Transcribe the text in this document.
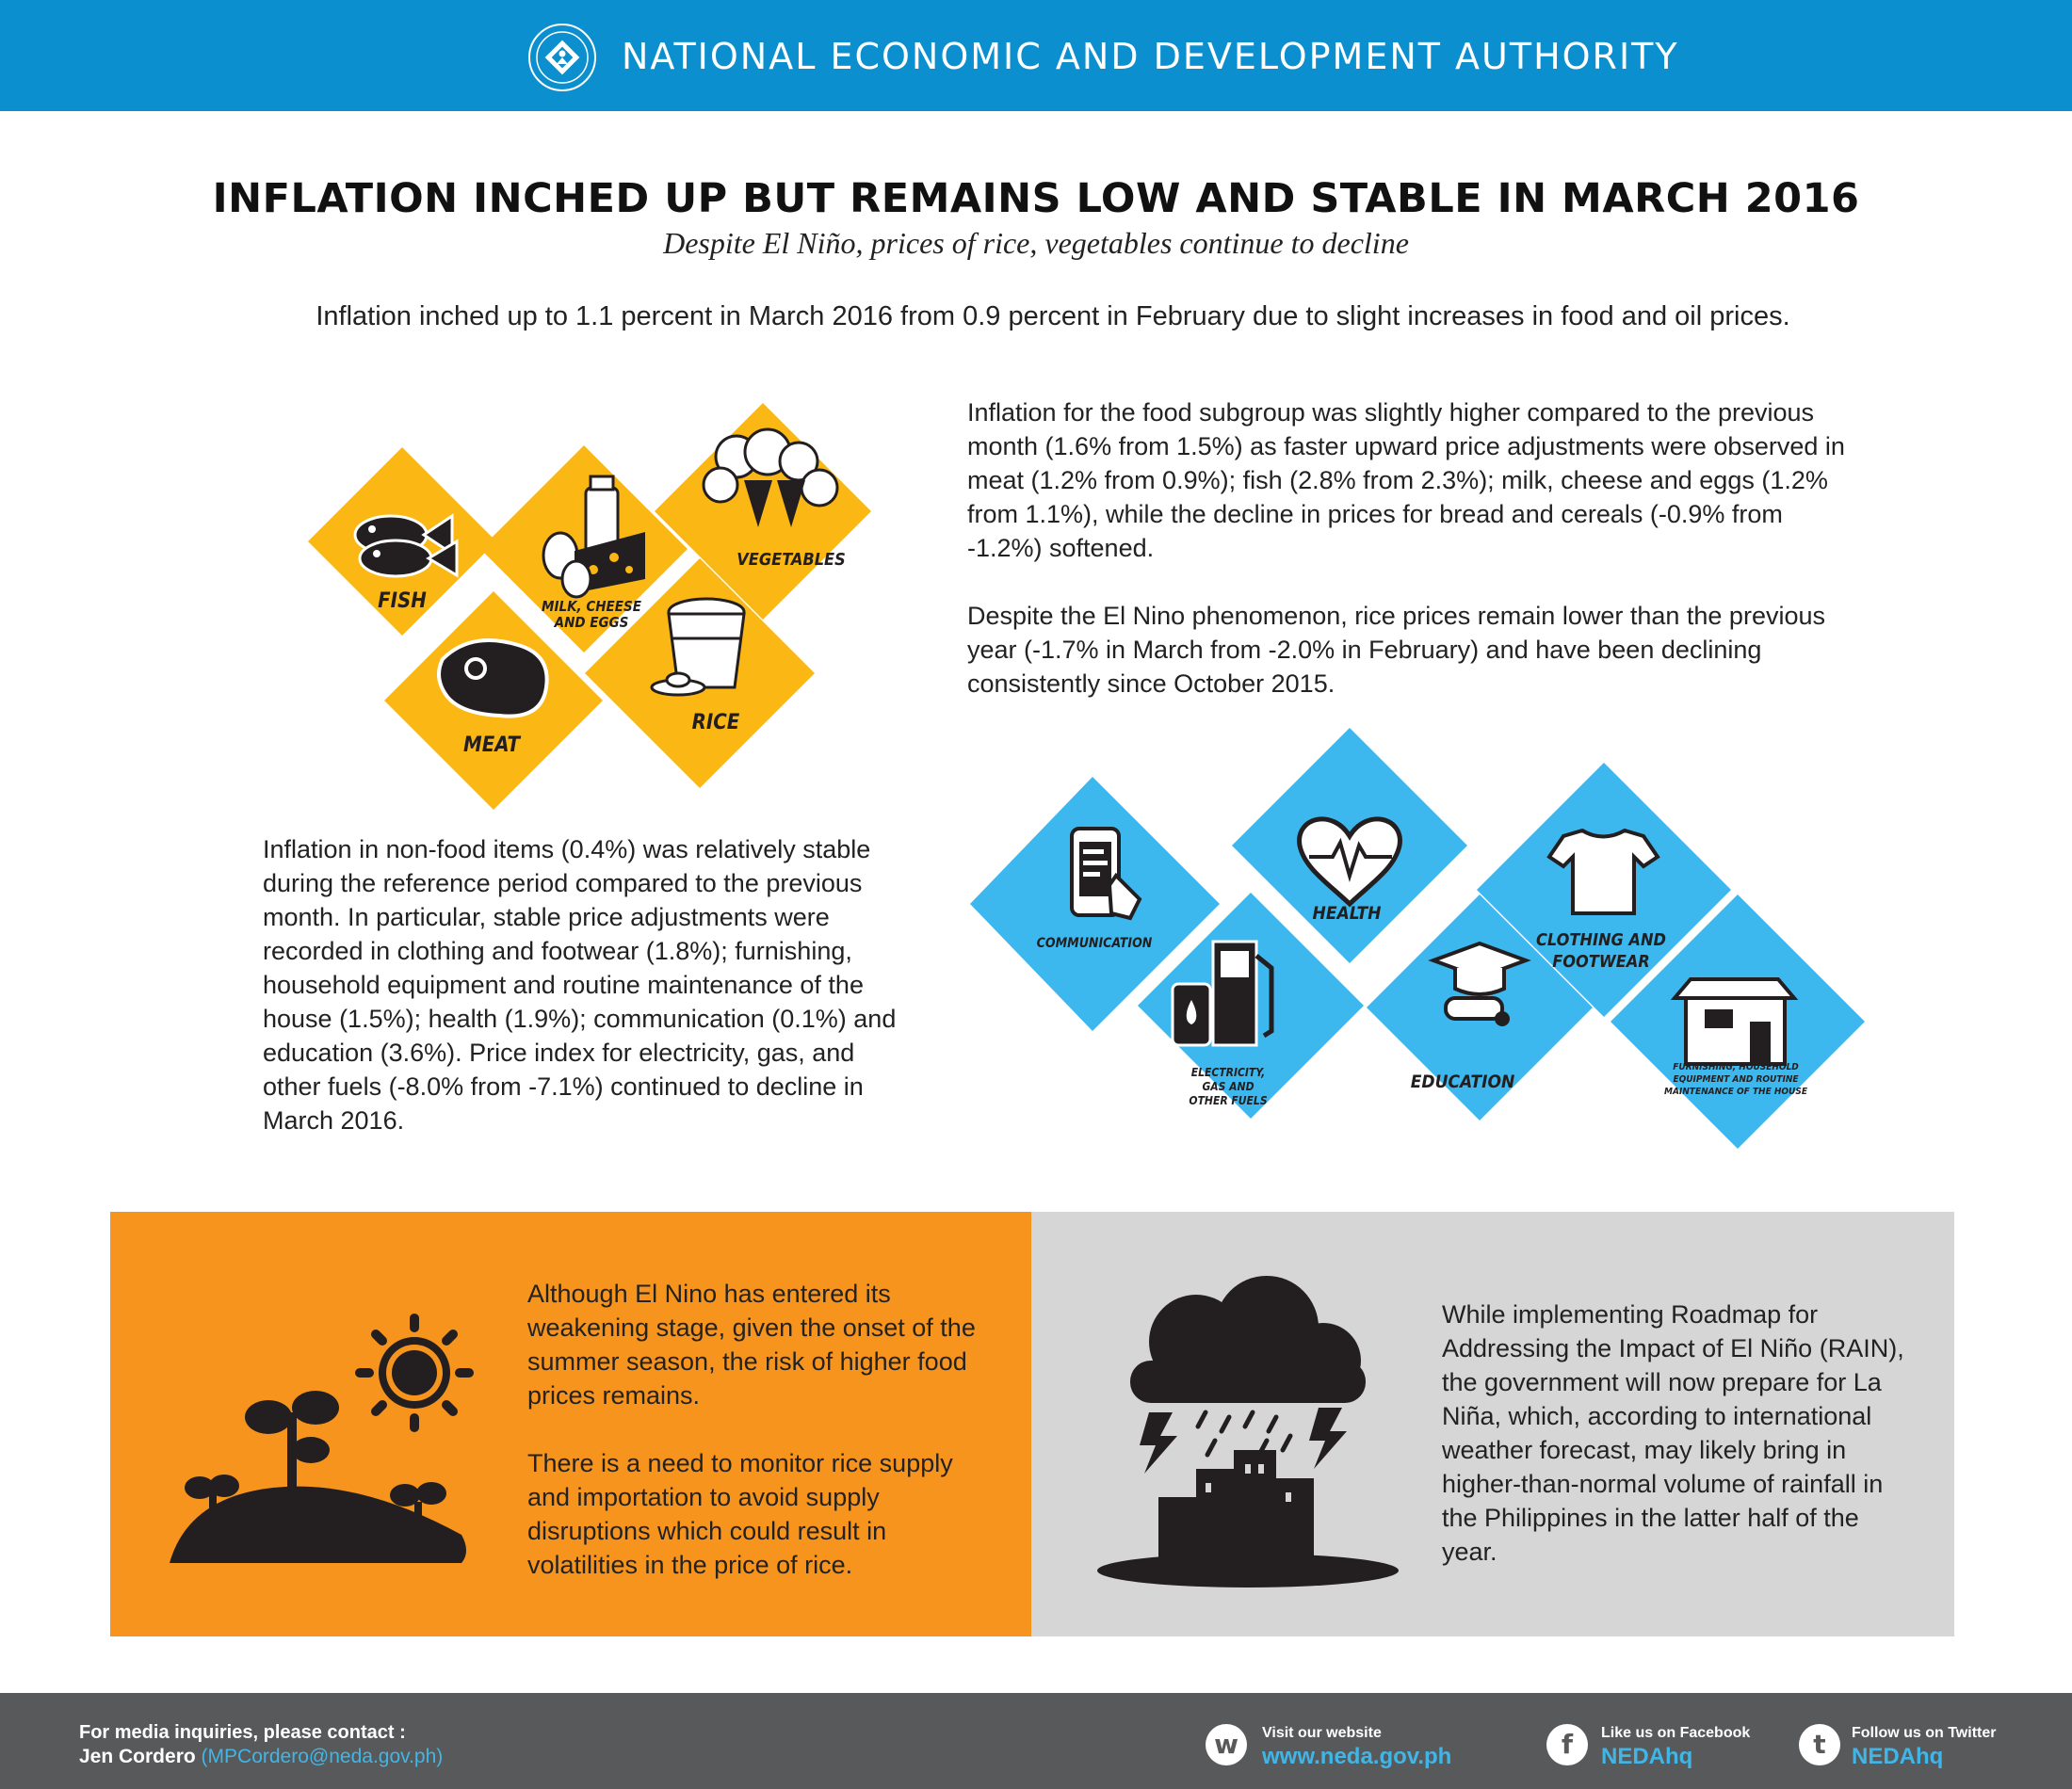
NATIONAL ECONOMIC AND DEVELOPMENT AUTHORITY
INFLATION INCHED UP BUT REMAINS LOW AND STABLE IN MARCH 2016
Despite El Niño, prices of rice, vegetables continue to decline
Inflation inched up to 1.1 percent in March 2016 from 0.9 percent in February due to slight increases in food and oil prices.
FISH	MILK, CHEESE
AND EGGS
VEGETABLES
MEAT
RICE
Inflation for the food subgroup was slightly higher compared to the previous month (1.6% from 1.5%) as faster upward price adjustments were observed in meat (1.2% from 0.9%); fish (2.8% from 2.3%); milk, cheese and eggs (1.2% from 1.1%), while the decline in prices for bread and cereals (-0.9% from -1.2%) softened.
Despite the El Nino phenomenon, rice prices remain lower than the previous year (-1.7% in March from -2.0% in February) and have been declining consistently since October 2015.
Inflation in non-food items (0.4%) was relatively stable during the reference period compared to the previous month. In particular, stable price adjustments were recorded in clothing and footwear (1.8%); furnishing, household equipment and routine maintenance of the house (1.5%); health (1.9%); communication (0.1%) and education (3.6%). Price index for electricity, gas, and other fuels (-8.0% from -7.1%) continued to decline in March 2016.
COMMUNICATION
HEALTH
CLOTHING AND
FOOTWEAR
ELECTRICITY,
GAS AND
OTHER FUELS
EDUCATION
FURNISHING, HOUSEHOLD
EQUIPMENT AND ROUTINE
MAINTENANCE OF THE HOUSE
Although El Nino has entered its weakening stage, given the onset of the summer season, the risk of higher food prices remains.
There is a need to monitor rice supply and importation to avoid supply disruptions which could result in volatilities in the price of rice.
While implementing Roadmap for Addressing the Impact of El Niño (RAIN), the government will now prepare for La Niña, which, according to international weather forecast, may likely bring in higher-than-normal volume of rainfall in the Philippines in the latter half of the year.
For media inquiries, please contact :
Jen Cordero (MPCordero@neda.gov.ph)	w	Visit our website
www.neda.gov.ph	f	Like us on Facebook
NEDAhq	t	Follow us on Twitter
NEDAhq
